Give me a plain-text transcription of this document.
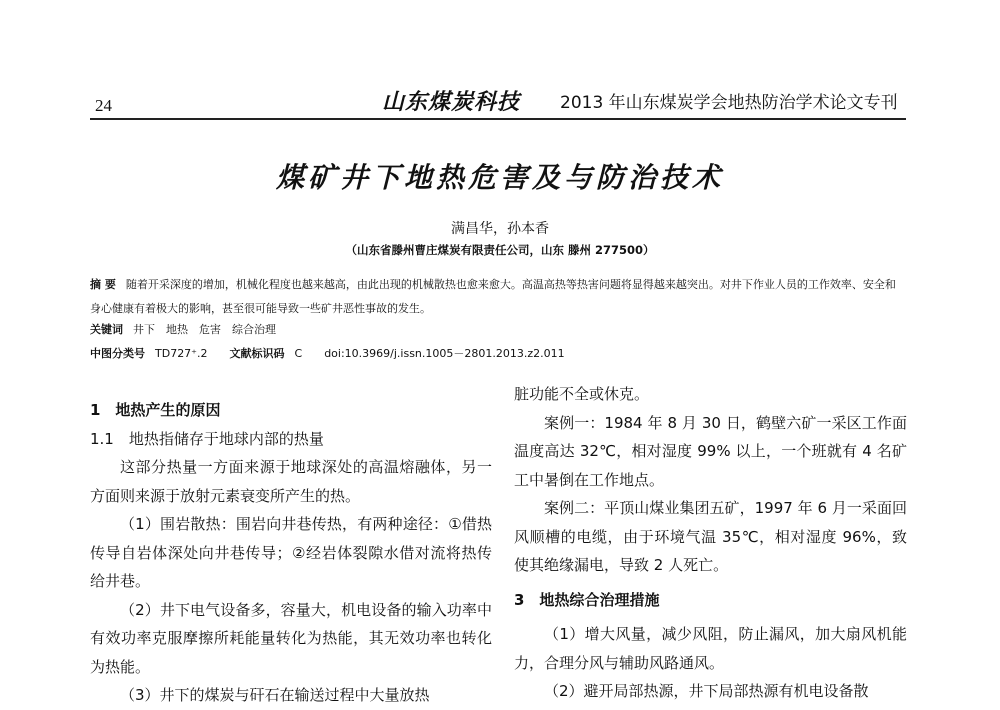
24	山东煤炭科技 2013 年山东煤炭学会地热防治学术论文专刊
煤矿井下地热危害及与防治技术
满昌华，孙本香
（山东省滕州曹庄煤炭有限责任公司，山东 滕州 277500）
摘 要 随着开采深度的增加，机械化程度也越来越高，由此出现的机械散热也愈来愈大。高温高热等热害问题将显得越来越突出。对井下作业人员的工作效率、安全和身心健康有着极大的影响，甚至很可能导致一些矿井恶性事故的发生。
关键词 井下　地热　危害　综合治理
中图分类号 TD727⁺.2 文献标识码 C doi:10.3969/j.issn.1005－2801.2013.z2.011

1　地热产生的原因

1.1　地热指储存于地球内部的热量

这部分热量一方面来源于地球深处的高温熔融体，另一方面则来源于放射元素衰变所产生的热。

（1）围岩散热：围岩向井巷传热，有两种途径：①借热传导自岩体深处向井巷传导；②经岩体裂隙水借对流将热传给井巷。

（2）井下电气设备多，容量大，机电设备的输入功率中有效功率克服摩擦所耗能量转化为热能，其无效功率也转化为热能。

（3）井下的煤炭与矸石在输送过程中大量放热

脏功能不全或休克。

案例一：1984 年 8 月 30 日，鹤壁六矿一采区工作面温度高达 32℃，相对湿度 99% 以上，一个班就有 4 名矿工中暑倒在工作地点。

案例二：平顶山煤业集团五矿，1997 年 6 月一采面回风顺槽的电缆，由于环境气温 35℃，相对湿度 96%，致使其绝缘漏电，导致 2 人死亡。

3　地热综合治理措施

（1）增大风量，减少风阻，防止漏风，加大扇风机能力，合理分风与辅助风路通风。

（2）避开局部热源，井下局部热源有机电设备散
